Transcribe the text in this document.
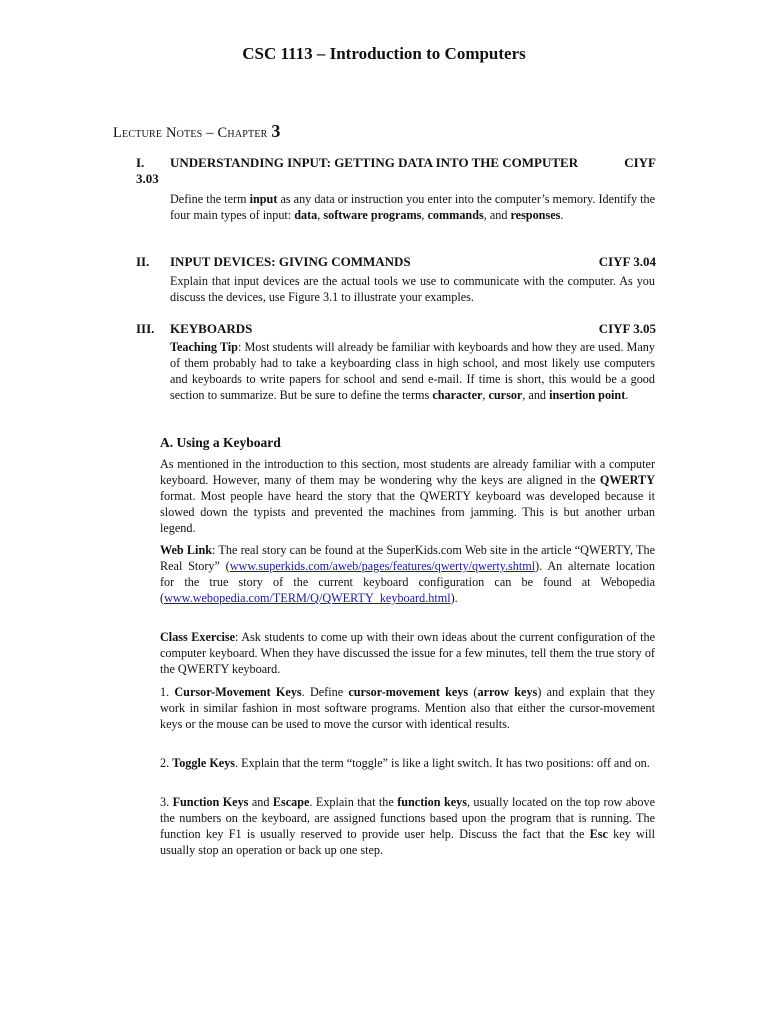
CSC 1113 – Introduction to Computers
Lecture Notes – Chapter 3
I. UNDERSTANDING INPUT: GETTING DATA INTO THE COMPUTER	CIYF
3.03
Define the term input as any data or instruction you enter into the computer’s memory. Identify the four main types of input: data, software programs, commands, and responses.
II. INPUT DEVICES: GIVING COMMANDS	CIYF 3.04
Explain that input devices are the actual tools we use to communicate with the computer. As you discuss the devices, use Figure 3.1 to illustrate your examples.
III. KEYBOARDS	CIYF 3.05
Teaching Tip: Most students will already be familiar with keyboards and how they are used. Many of them probably had to take a keyboarding class in high school, and most likely use computers and keyboards to write papers for school and send e-mail. If time is short, this would be a good section to summarize. But be sure to define the terms character, cursor, and insertion point.
A. Using a Keyboard
As mentioned in the introduction to this section, most students are already familiar with a computer keyboard. However, many of them may be wondering why the keys are aligned in the QWERTY format. Most people have heard the story that the QWERTY keyboard was developed because it slowed down the typists and prevented the machines from jamming. This is but another urban legend.
Web Link: The real story can be found at the SuperKids.com Web site in the article “QWERTY, The Real Story” (www.superkids.com/aweb/pages/features/qwerty/qwerty.shtml). An alternate location for the true story of the current keyboard configuration can be found at Webopedia (www.webopedia.com/TERM/Q/QWERTY_keyboard.html).
Class Exercise: Ask students to come up with their own ideas about the current configuration of the computer keyboard. When they have discussed the issue for a few minutes, tell them the true story of the QWERTY keyboard.
1. Cursor-Movement Keys. Define cursor-movement keys (arrow keys) and explain that they work in similar fashion in most software programs. Mention also that either the cursor-movement keys or the mouse can be used to move the cursor with identical results.
2. Toggle Keys. Explain that the term “toggle” is like a light switch. It has two positions: off and on.
3. Function Keys and Escape. Explain that the function keys, usually located on the top row above the numbers on the keyboard, are assigned functions based upon the program that is running. The function key F1 is usually reserved to provide user help. Discuss the fact that the Esc key will usually stop an operation or back up one step.
